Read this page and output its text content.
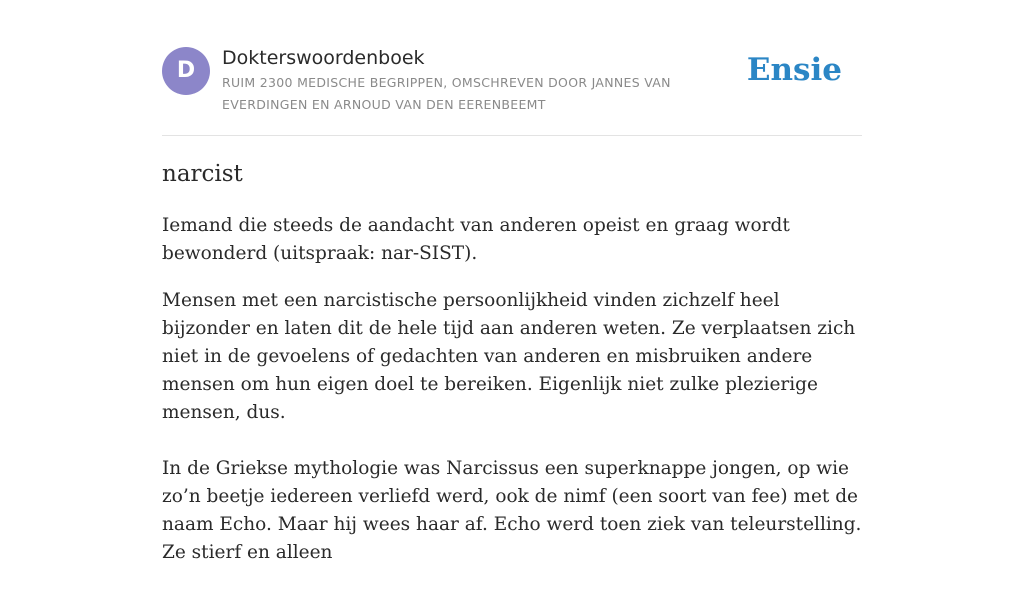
D	Dokterswoordenboek
RUIM 2300 MEDISCHE BEGRIPPEN, OMSCHREVEN DOOR JANNES VAN EVERDINGEN EN ARNOUD VAN DEN EERENBEEMT
Ensie
narcist

Iemand die steeds de aandacht van anderen opeist en graag wordt bewonderd (uitspraak: nar-SIST).

Mensen met een narcistische persoonlijkheid vinden zichzelf heel bijzonder en laten dit de hele tijd aan anderen weten. Ze verplaatsen zich niet in de gevoelens of gedachten van anderen en misbruiken andere mensen om hun eigen doel te bereiken. Eigenlijk niet zulke plezierige mensen, dus.

In de Griekse mythologie was Narcissus een superknappe jongen, op wie zo’n beetje iedereen verliefd werd, ook de nimf (een soort van fee) met de naam Echo. Maar hij wees haar af. Echo werd toen ziek van teleurstelling. Ze stierf en alleen
